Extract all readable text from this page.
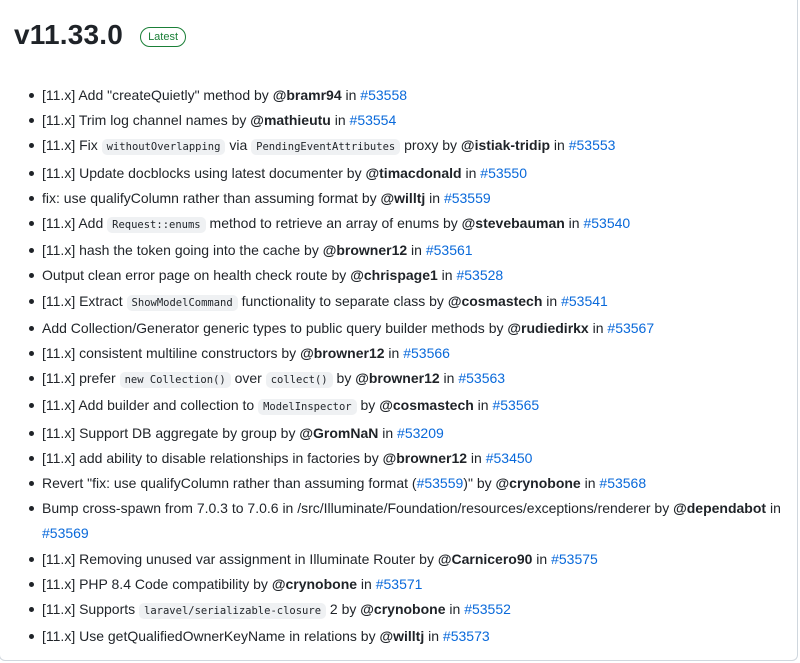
v11.33.0	Latest
[11.x] Add "createQuietly" method by @bramr94 in #53558
[11.x] Trim log channel names by @mathieutu in #53554
[11.x] Fix withoutOverlapping via PendingEventAttributes proxy by @istiak-tridip in #53553
[11.x] Update docblocks using latest documenter by @timacdonald in #53550
fix: use qualifyColumn rather than assuming format by @willtj in #53559
[11.x] Add Request::enums method to retrieve an array of enums by @stevebauman in #53540
[11.x] hash the token going into the cache by @browner12 in #53561
Output clean error page on health check route by @chrispage1 in #53528
[11.x] Extract ShowModelCommand functionality to separate class by @cosmastech in #53541
Add Collection/Generator generic types to public query builder methods by @rudiedirkx in #53567
[11.x] consistent multiline constructors by @browner12 in #53566
[11.x] prefer new Collection() over collect() by @browner12 in #53563
[11.x] Add builder and collection to ModelInspector by @cosmastech in #53565
[11.x] Support DB aggregate by group by @GromNaN in #53209
[11.x] add ability to disable relationships in factories by @browner12 in #53450
Revert "fix: use qualifyColumn rather than assuming format (#53559)" by @crynobone in #53568
Bump cross-spawn from 7.0.3 to 7.0.6 in /src/Illuminate/Foundation/resources/exceptions/renderer by @dependabot in #53569
[11.x] Removing unused var assignment in Illuminate Router by @Carnicero90 in #53575
[11.x] PHP 8.4 Code compatibility by @crynobone in #53571
[11.x] Supports laravel/serializable-closure 2 by @crynobone in #53552
[11.x] Use getQualifiedOwnerKeyName in relations by @willtj in #53573
